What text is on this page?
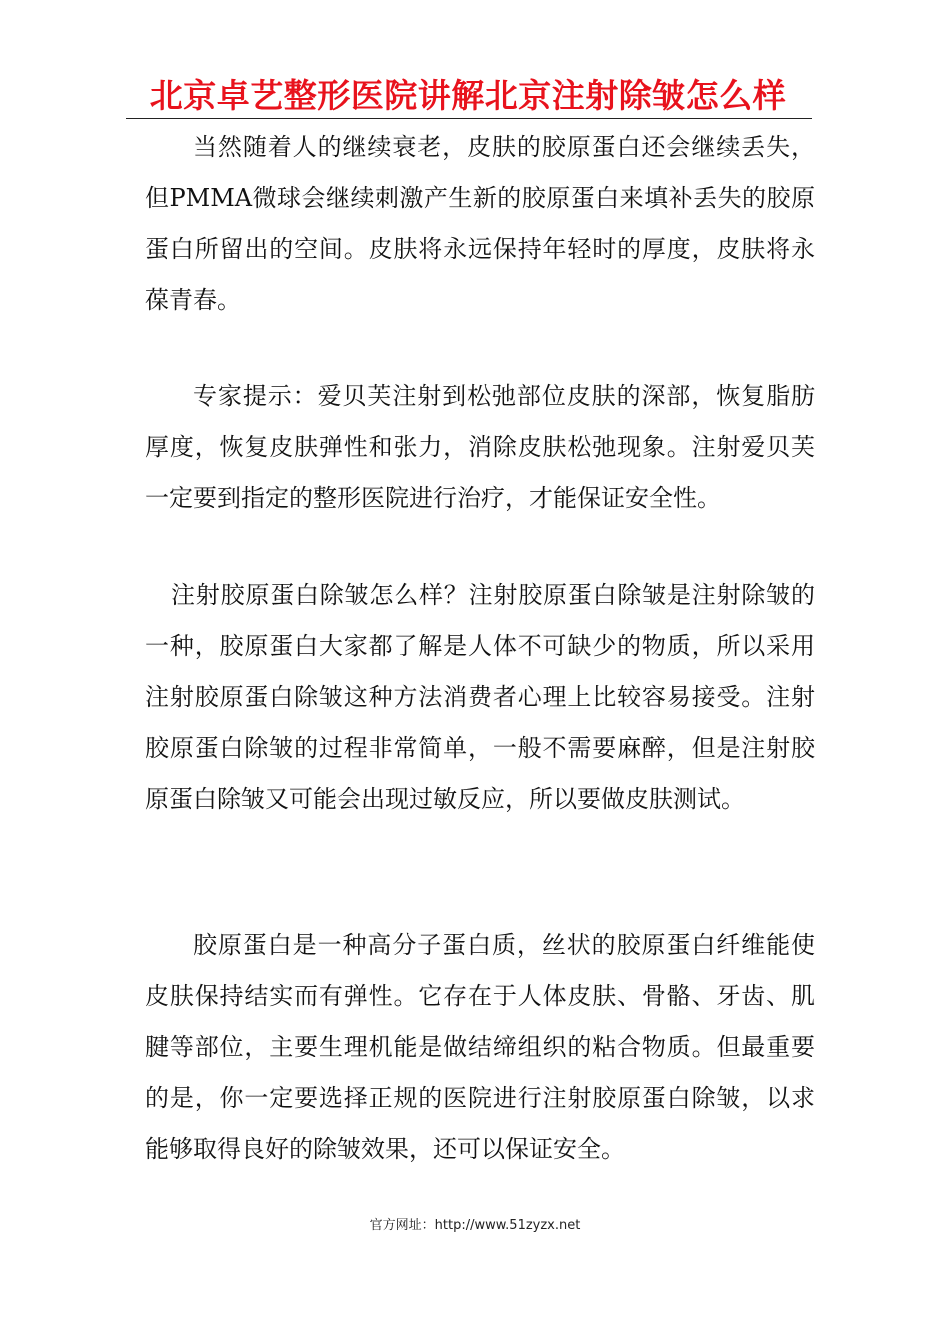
北京卓艺整形医院讲解北京注射除皱怎么样

当然随着人的继续衰老，皮肤的胶原蛋白还会继续丢失，但PMMA微球会继续刺激产生新的胶原蛋白来填补丢失的胶原蛋白所留出的空间。皮肤将永远保持年轻时的厚度，皮肤将永葆青春。

专家提示：爱贝芙注射到松弛部位皮肤的深部，恢复脂肪厚度，恢复皮肤弹性和张力，消除皮肤松弛现象。注射爱贝芙一定要到指定的整形医院进行治疗，才能保证安全性。

注射胶原蛋白除皱怎么样？注射胶原蛋白除皱是注射除皱的一种，胶原蛋白大家都了解是人体不可缺少的物质，所以采用注射胶原蛋白除皱这种方法消费者心理上比较容易接受。注射胶原蛋白除皱的过程非常简单，一般不需要麻醉，但是注射胶原蛋白除皱又可能会出现过敏反应，所以要做皮肤测试。

胶原蛋白是一种高分子蛋白质，丝状的胶原蛋白纤维能使皮肤保持结实而有弹性。它存在于人体皮肤、骨骼、牙齿、肌腱等部位，主要生理机能是做结缔组织的粘合物质。但最重要的是，你一定要选择正规的医院进行注射胶原蛋白除皱，以求能够取得良好的除皱效果，还可以保证安全。

官方网址：http://www.51zyzx.net
